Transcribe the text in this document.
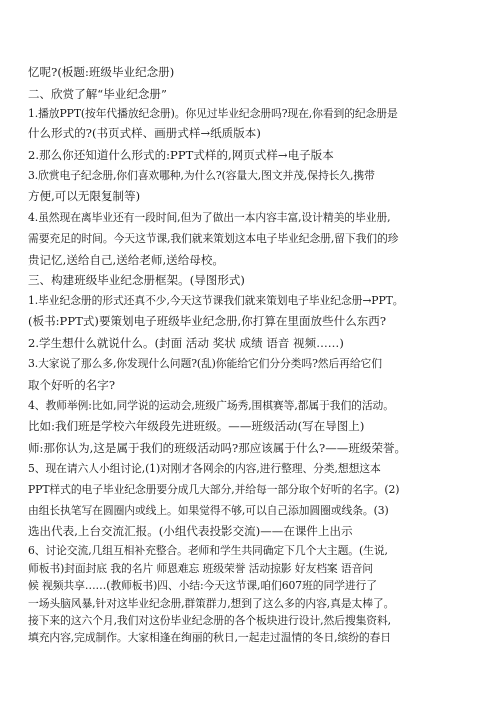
忆呢?(板题:班级毕业纪念册)
二、欣赏了解“毕业纪念册”
1.播放PPT(按年代播放纪念册)。你见过毕业纪念册吗?现在,你看到的纪念册是
什么形式的?(书页式样、画册式样→纸质版本)
2.那么你还知道什么形式的:PPT式样的,网页式样→电子版本
3.欣赏电子纪念册,你们喜欢哪种,为什么?(容量大,图文并茂,保持长久,携带
方便,可以无限复制等)
4.虽然现在离毕业还有一段时间,但为了做出一本内容丰富,设计精美的毕业册,
需要充足的时间。今天这节课,我们就来策划这本电子毕业纪念册,留下我们的珍
贵记忆,送给自己,送给老师,送给母校。
三、构建班级毕业纪念册框架。(导图形式)
1.毕业纪念册的形式还真不少,今天这节课我们就来策划电子毕业纪念册→PPT。
(板书:PPT式)要策划电子班级毕业纪念册,你打算在里面放些什么东西?
2.学生想什么就说什么。(封面 活动 奖状 成绩 语音 视频……)
3.大家说了那么多,你发现什么问题?(乱)你能给它们分分类吗?然后再给它们
取个好听的名字?
4、教师举例:比如,同学说的运动会,班级广场秀,围棋赛等,都属于我们的活动。
比如:我们班是学校六年级段先进班级。——班级活动(写在导图上)
师:那你认为,这是属于我们的班级活动吗?那应该属于什么?——班级荣誉。
5、现在请六人小组讨论,(1)对刚才各网余的内容,进行整理、分类,想想这本
PPT样式的电子毕业纪念册要分成几大部分,并给每一部分取个好听的名字。(2)
由组长执笔写在圆圈内或线上。如果觉得不够,可以自己添加圆圈或线条。(3)
选出代表,上台交流汇报。(小组代表投影交流)——在课件上出示
6、讨论交流,几组互相补充整合。老师和学生共同确定下几个大主题。(生说,
师板书)封面封底 我的名片 师恩难忘 班级荣誉 活动掠影 好友档案 语音问
候 视频共享……(教师板书)四、小结:今天这节课,咱们607班的同学进行了
一场头脑风暴,针对这毕业纪念册,群策群力,想到了这么多的内容,真是太棒了。
接下来的这六个月,我们对这份毕业纪念册的各个板块进行设计,然后搜集资料,
填充内容,完成制作。大家相逢在绚丽的秋日,一起走过温情的冬日,缤纷的春日
